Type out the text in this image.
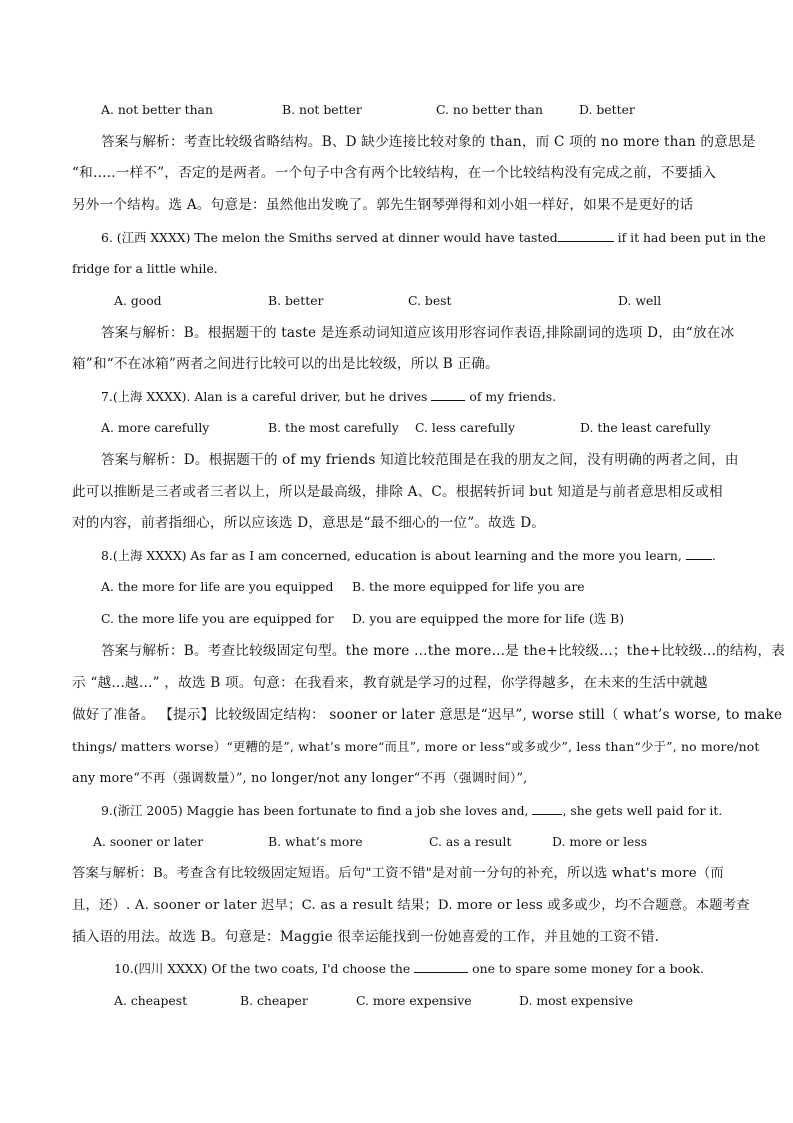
A. not better than	B. not better	C. no better than	D. better
答案与解析：考查比较级省略结构。B、D 缺少连接比较对象的 than，而 C 项的 no more than 的意思是
“和.….一样不”，否定的是两者。一个句子中含有两个比较结构，在一个比较结构没有完成之前，不要插入
另外一个结构。选 A。句意是：虽然他出发晚了。郭先生钢琴弹得和刘小姐一样好，如果不是更好的话
6. (江西 XXXX) The melon the Smiths served at dinner would have tasted	if it had been put in the
fridge for a little while.
A. good	B. better	C. best	D. well
答案与解析：B。根据题干的 taste 是连系动词知道应该用形容词作表语,排除副词的选项 D，由“放在冰
箱”和“不在冰箱”两者之间进行比较可以的出是比较级，所以 B 正确。
7.(上海 XXXX). Alan is a careful driver, but he drives	of my friends.
A. more carefully	B. the most carefully C. less carefully	D. the least carefully
答案与解析：D。根据题干的 of my friends 知道比较范围是在我的朋友之间，没有明确的两者之间，由
此可以推断是三者或者三者以上，所以是最高级，排除 A、C。根据转折词 but 知道是与前者意思相反或相
对的内容，前者指细心，所以应该选 D，意思是“最不细心的一位”。故选 D。
8.(上海 XXXX) As far as I am concerned, education is about learning and the more you learn, .
A. the more for life are you equipped B. the more equipped for life you are
C. the more life you are equipped for D. you are equipped the more for life (选 B)
答案与解析：B。考查比较级固定句型。the more …the more...是 the+比较级...；the+比较级...的结构，表
示 “越…越…” ，故选 B 项。句意：在我看来，教育就是学习的过程，你学得越多，在未来的生活中就越
做好了准备。 【提示】比较级固定结构： sooner or later 意思是“迟早”, worse still（ what’s worse, to make
things/ matters worse）“更糟的是”, what’s more“而且”, more or less“或多或少”, less than“少于”, no more/not
any more“不再（强调数量）”, no longer/not any longer“不再（强调时间）”,
9.(浙江 2005) Maggie has been fortunate to find a job she loves and,	, she gets well paid for it.
A. sooner or later	B. what’s more	C. as a result	D. more or less
答案与解析：B。考查含有比较级固定短语。后句"工资不错"是对前一分句的补充，所以选 what's more（而
且，还）. A. sooner or later 迟早；C. as a result 结果；D. more or less 或多或少，均不合题意。本题考查
插入语的用法。故选 B。句意是：Maggie 很幸运能找到一份她喜爱的工作，并且她的工资不错.
10.(四川 XXXX) Of the two coats, I'd choose the	one to spare some money for a book.
A. cheapest	B. cheaper	C. more expensive	D. most expensive
